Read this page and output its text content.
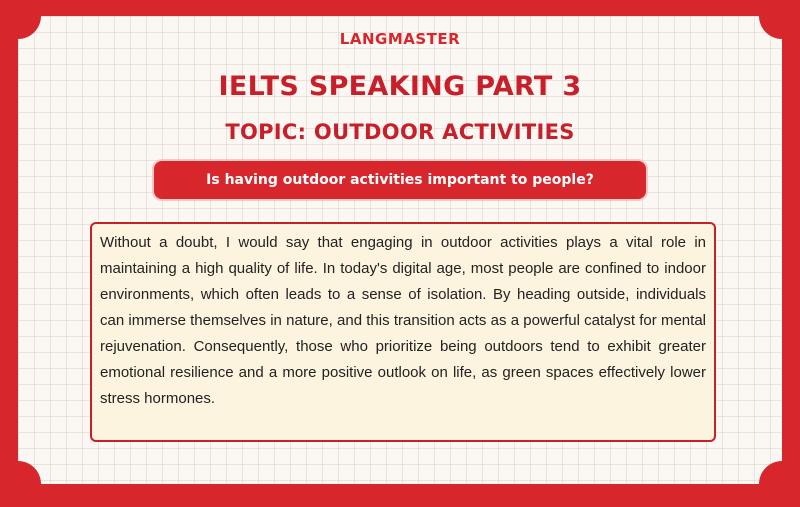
LANGMASTER
IELTS SPEAKING PART 3
TOPIC: OUTDOOR ACTIVITIES
Is having outdoor activities important to people?

Without a doubt, I would say that engaging in outdoor activities plays a vital role in maintaining a high quality of life. In today's digital age, most people are confined to indoor environments, which often leads to a sense of isolation. By heading outside, individuals can immerse themselves in nature, and this transition acts as a powerful catalyst for mental rejuvenation. Consequently, those who prioritize being outdoors tend to exhibit greater emotional resilience and a more positive outlook on life, as green spaces effectively lower stress hormones.
